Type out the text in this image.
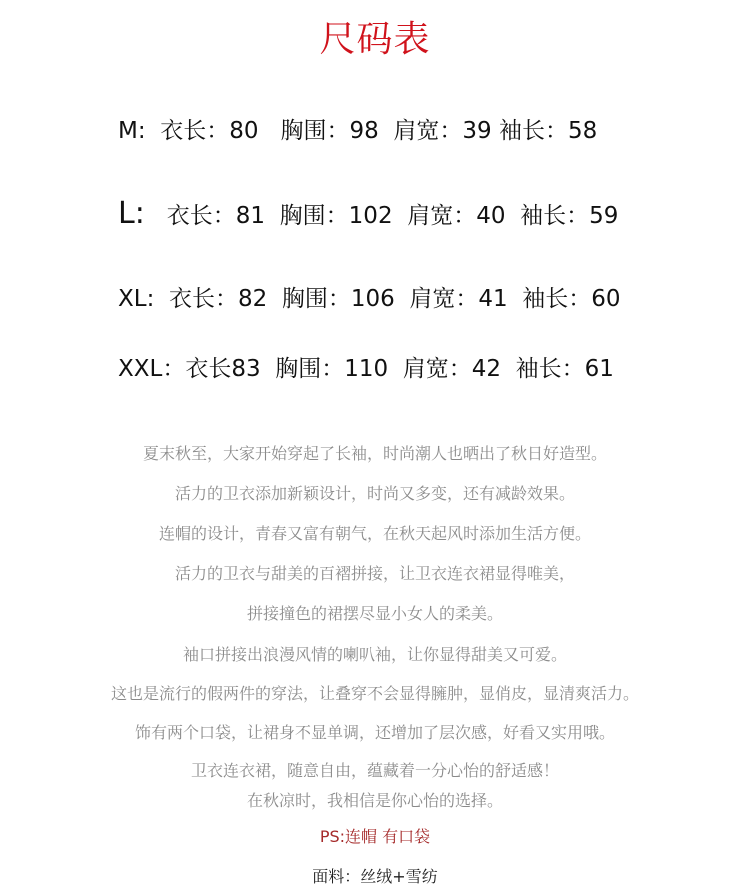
尺码表
M: 衣长：80 胸围：98 肩宽：39 袖长：58
L: 衣长：81 胸围：102 肩宽：40 袖长：59
XL: 衣长：82 胸围：106 肩宽：41 袖长：60
XXL：衣长83 胸围：110 肩宽：42 袖长：61
夏末秋至，大家开始穿起了长袖，时尚潮人也晒出了秋日好造型。
活力的卫衣添加新颖设计，时尚又多变，还有减龄效果。
连帽的设计，青春又富有朝气，在秋天起风时添加生活方便。
活力的卫衣与甜美的百褶拼接，让卫衣连衣裙显得唯美，
拼接撞色的裙摆尽显小女人的柔美。
袖口拼接出浪漫风情的喇叭袖，让你显得甜美又可爱。
这也是流行的假两件的穿法，让叠穿不会显得臃肿，显俏皮，显清爽活力。
饰有两个口袋，让裙身不显单调，还增加了层次感，好看又实用哦。
卫衣连衣裙，随意自由，蕴藏着一分心怡的舒适感！
在秋凉时，我相信是你心怡的选择。
PS:连帽 有口袋
面料：丝绒+雪纺
